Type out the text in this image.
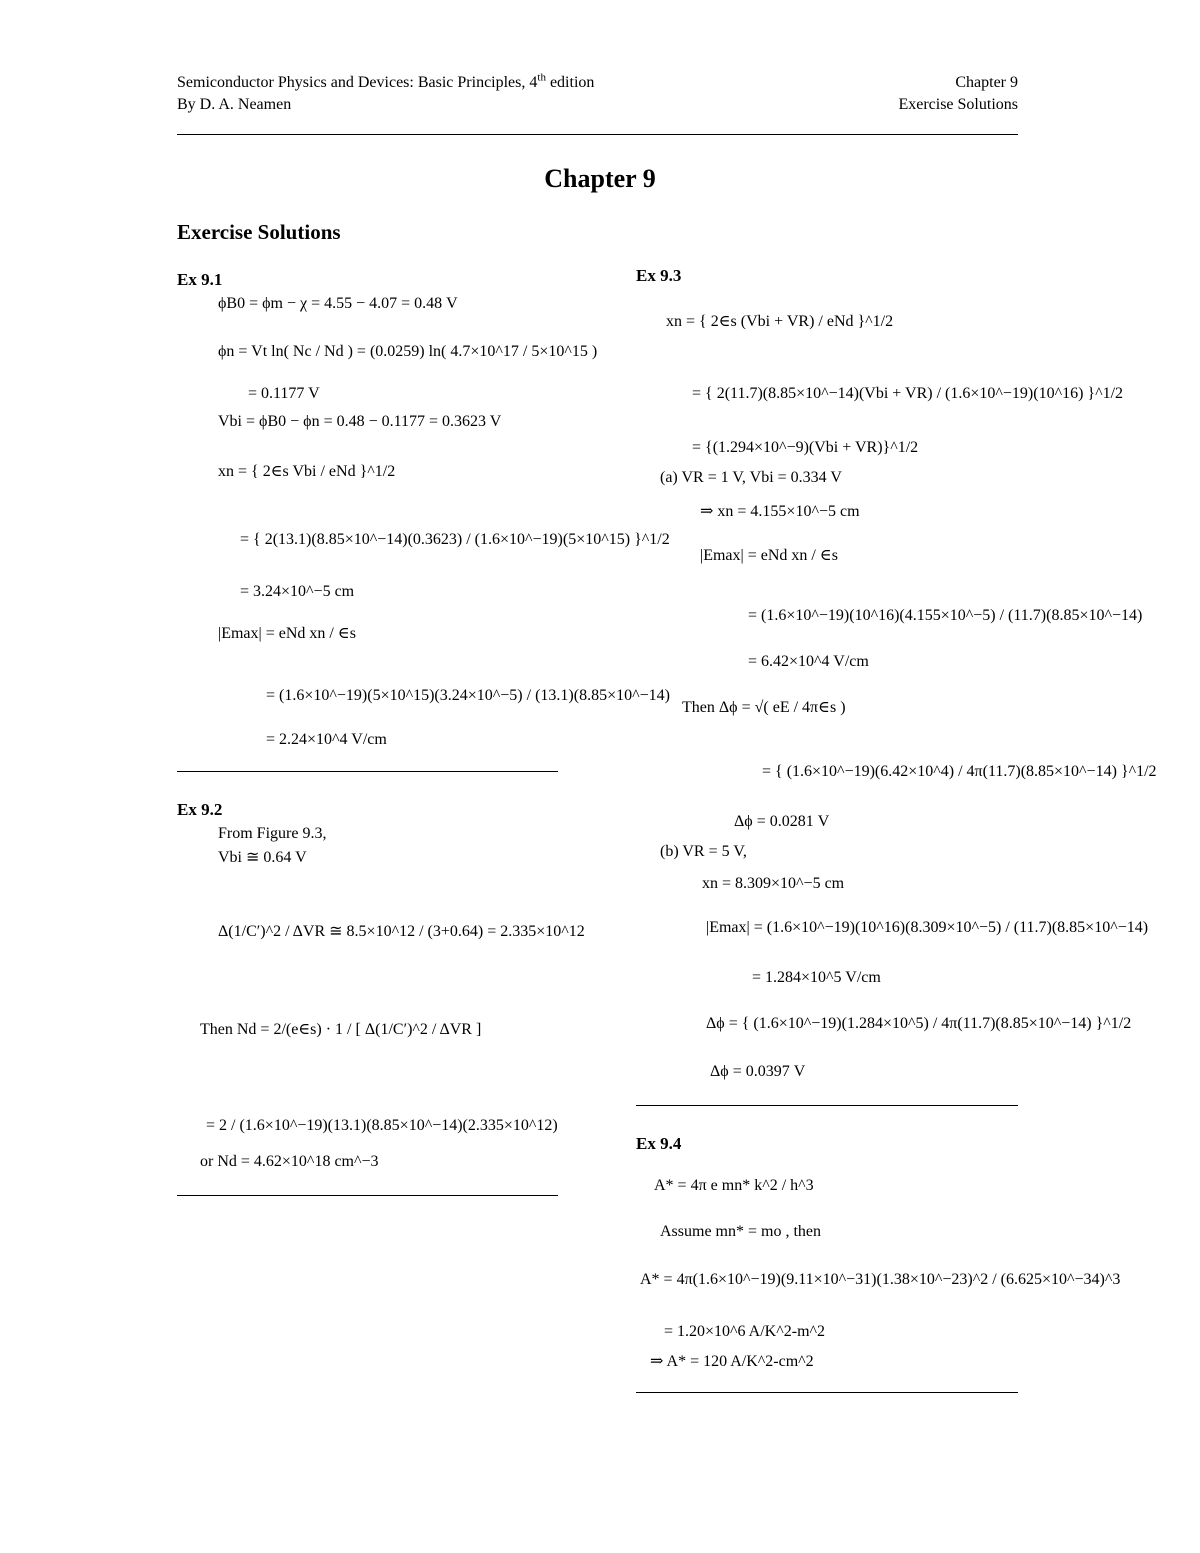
Semiconductor Physics and Devices: Basic Principles, 4th edition
By D. A. Neamen
Chapter 9
Exercise Solutions
Chapter 9
Exercise Solutions
Ex 9.1
ϕB0 = ϕm − χ = 4.55 − 4.07 = 0.48 V
ϕn = Vt ln( Nc / Nd ) = (0.0259) ln( 4.7×10^17 / 5×10^15 )
= 0.1177 V
Vbi = ϕB0 − ϕn = 0.48 − 0.1177 = 0.3623 V
xn = { 2∈s Vbi / eNd }^1/2
= { 2(13.1)(8.85×10^−14)(0.3623) / (1.6×10^−19)(5×10^15) }^1/2
= 3.24×10^−5 cm
|Emax| = eNd xn / ∈s
= (1.6×10^−19)(5×10^15)(3.24×10^−5) / (13.1)(8.85×10^−14)
= 2.24×10^4 V/cm
Ex 9.2
From Figure 9.3,
Vbi ≅ 0.64 V
Δ(1/C′)^2 / ΔVR ≅ 8.5×10^12 / (3+0.64) = 2.335×10^12
Then Nd = 2/(e∈s) · 1 / [ Δ(1/C′)^2 / ΔVR ]
= 2 / (1.6×10^−19)(13.1)(8.85×10^−14)(2.335×10^12)
or Nd = 4.62×10^18 cm^−3
Ex 9.3
xn = { 2∈s (Vbi + VR) / eNd }^1/2
= { 2(11.7)(8.85×10^−14)(Vbi + VR) / (1.6×10^−19)(10^16) }^1/2
= {(1.294×10^−9)(Vbi + VR)}^1/2
(a) VR = 1 V, Vbi = 0.334 V
⇒ xn = 4.155×10^−5 cm
|Emax| = eNd xn / ∈s
= (1.6×10^−19)(10^16)(4.155×10^−5) / (11.7)(8.85×10^−14)
= 6.42×10^4 V/cm
Then Δϕ = √( eE / 4π∈s )
= { (1.6×10^−19)(6.42×10^4) / 4π(11.7)(8.85×10^−14) }^1/2
Δϕ = 0.0281 V
(b) VR = 5 V,
xn = 8.309×10^−5 cm
|Emax| = (1.6×10^−19)(10^16)(8.309×10^−5) / (11.7)(8.85×10^−14)
= 1.284×10^5 V/cm
Δϕ = { (1.6×10^−19)(1.284×10^5) / 4π(11.7)(8.85×10^−14) }^1/2
Δϕ = 0.0397 V
Ex 9.4
A* = 4π e mn* k^2 / h^3
Assume mn* = mo , then
A* = 4π(1.6×10^−19)(9.11×10^−31)(1.38×10^−23)^2 / (6.625×10^−34)^3
= 1.20×10^6 A/K^2-m^2
⇒ A* = 120 A/K^2-cm^2
